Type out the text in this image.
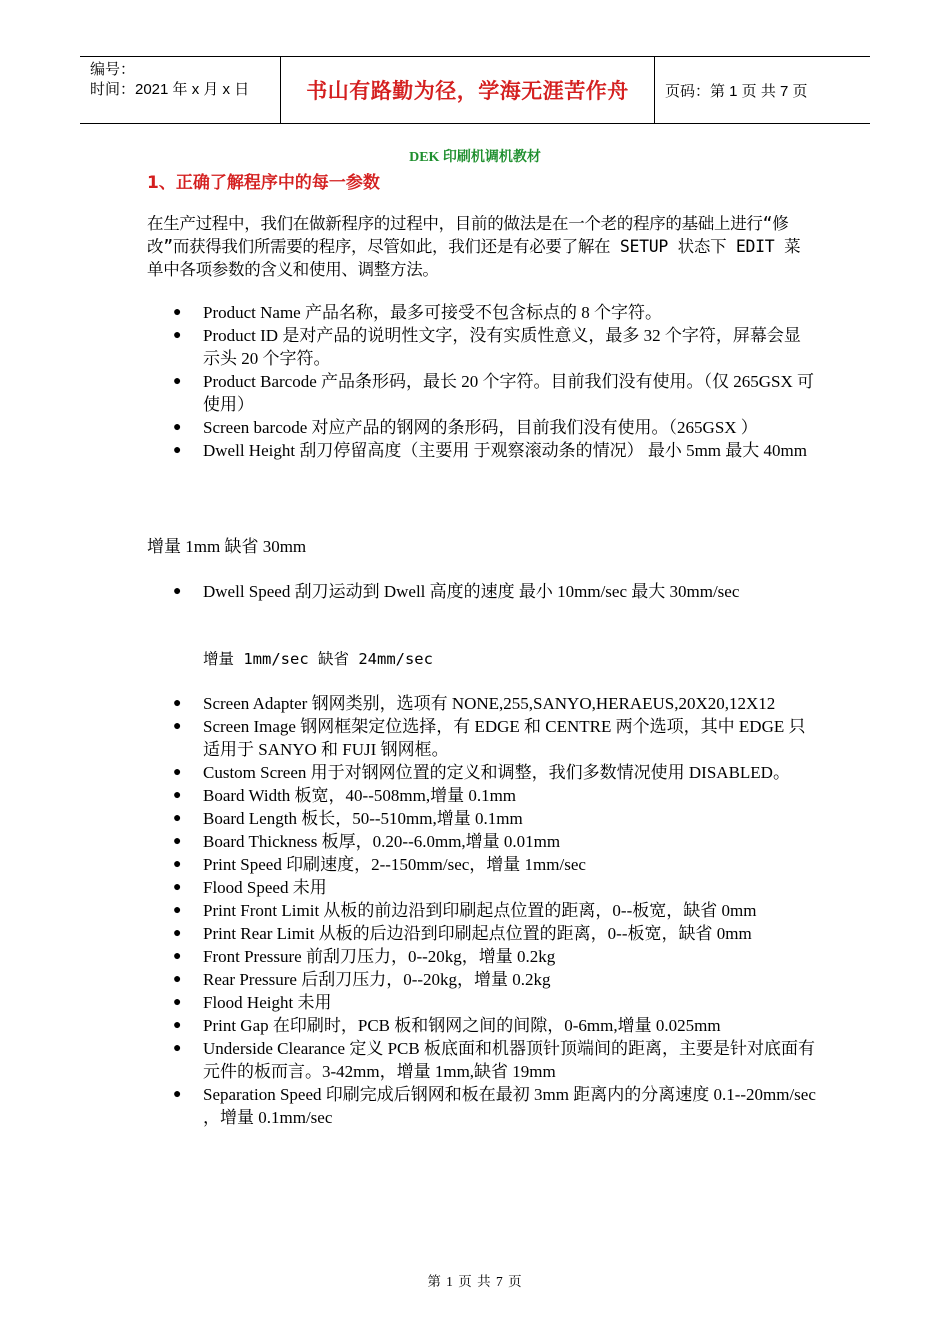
编号：
时间：2021 年 x 月 x 日	书山有路勤为径，学海无涯苦作舟	页码：第 1 页 共 7 页
DEK 印刷机调机教材
1、正确了解程序中的每一参数
在生产过程中，我们在做新程序的过程中，目前的做法是在一个老的程序的基础上进行“修改”而获得我们所需要的程序，尽管如此，我们还是有必要了解在 SETUP 状态下 EDIT 菜单中各项参数的含义和使用、调整方法。
● Product Name 产品名称，最多可接受不包含标点的 8 个字符。
● Product ID 是对产品的说明性文字，没有实质性意义，最多 32 个字符，屏幕会显示头 20 个字符。
● Product Barcode 产品条形码，最长 20 个字符。目前我们没有使用。（仅 265GSX 可使用）
● Screen barcode 对应产品的钢网的条形码，目前我们没有使用。（265GSX ）
● Dwell Height 刮刀停留高度（主要用 于观察滚动条的情况） 最小 5mm 最大 40mm
增量 1mm 缺省 30mm
● Dwell Speed 刮刀运动到 Dwell 高度的速度 最小 10mm/sec 最大 30mm/sec
增量 1mm/sec 缺省 24mm/sec
● Screen Adapter 钢网类别，选项有 NONE,255,SANYO,HERAEUS,20X20,12X12
● Screen Image 钢网框架定位选择，有 EDGE 和 CENTRE 两个选项，其中 EDGE 只 适用于 SANYO 和 FUJI 钢网框。
● Custom Screen 用于对钢网位置的定义和调整，我们多数情况使用 DISABLED。
● Board Width 板宽，40--508mm,增量 0.1mm
● Board Length 板长，50--510mm,增量 0.1mm
● Board Thickness 板厚，0.20--6.0mm,增量 0.01mm
● Print Speed 印刷速度，2--150mm/sec，增量 1mm/sec
● Flood Speed 未用
● Print Front Limit 从板的前边沿到印刷起点位置的距离，0--板宽，缺省 0mm
● Print Rear Limit 从板的后边沿到印刷起点位置的距离，0--板宽，缺省 0mm
● Front Pressure 前刮刀压力，0--20kg，增量 0.2kg
● Rear Pressure 后刮刀压力，0--20kg，增量 0.2kg
● Flood Height 未用
● Print Gap 在印刷时，PCB 板和钢网之间的间隙，0-6mm,增量 0.025mm
● Underside Clearance 定义 PCB 板底面和机器顶针顶端间的距离，主要是针对底面有元件的板而言。3-42mm，增量 1mm,缺省 19mm
● Separation Speed 印刷完成后钢网和板在最初 3mm 距离内的分离速度 0.1--20mm/sec ，增量 0.1mm/sec
第 1 页 共 7 页
